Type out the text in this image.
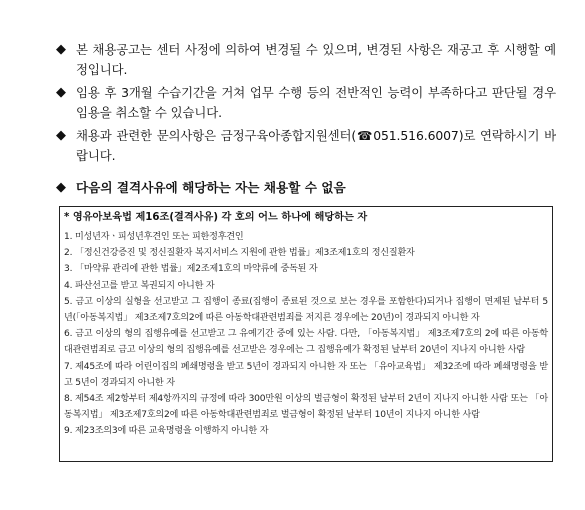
◆ 본 채용공고는 센터 사정에 의하여 변경될 수 있으며, 변경된 사항은 재공고 후 시행할 예정입니다.
◆ 임용 후 3개월 수습기간을 거쳐 업무 수행 등의 전반적인 능력이 부족하다고 판단될 경우 임용을 취소할 수 있습니다.
◆ 채용과 관련한 문의사항은 금정구육아종합지원센터(☎051.516.6007)로 연락하시기 바랍니다.
◆ 다음의 결격사유에 해당하는 자는 채용할 수 없음
* 영유아보육법 제16조(결격사유) 각 호의 어느 하나에 해당하는 자
1. 미성년자ㆍ피성년후견인 또는 피한정후견인
2. 「정신건강증진 및 정신질환자 복지서비스 지원에 관한 법률」제3조제1호의 정신질환자
3. 「마약류 관리에 관한 법률」제2조제1호의 마약류에 중독된 자
4. 파산선고를 받고 복권되지 아니한 자
5. 금고 이상의 실형을 선고받고 그 집행이 종료(집행이 종료된 것으로 보는 경우를 포함한다)되거나 집행이 면제된 날부터 5년(「아동복지법」 제3조제7호의2에 따른 아동학대관련범죄를 저지른 경우에는 20년)이 경과되지 아니한 자
6. 금고 이상의 형의 집행유예를 선고받고 그 유예기간 중에 있는 사람. 다만, 「아동복지법」 제3조제7호의 2에 따른 아동학대관련범죄로 금고 이상의 형의 집행유예를 선고받은 경우에는 그 집행유예가 확정된 날부터 20년이 지나지 아니한 사람
7. 제45조에 따라 어린이집의 폐쇄명령을 받고 5년이 경과되지 아니한 자 또는 「유아교육법」 제32조에 따라 폐쇄명령을 받고 5년이 경과되지 아니한 자
8. 제54조 제2항부터 제4항까지의 규정에 따라 300만원 이상의 벌금형이 확정된 날부터 2년이 지나지 아니한 사람 또는 「아동복지법」 제3조제7호의2에 따른 아동학대관련범죄로 벌금형이 확정된 날부터 10년이 지나지 아니한 사람
9. 제23조의3에 따른 교육명령을 이행하지 아니한 자
